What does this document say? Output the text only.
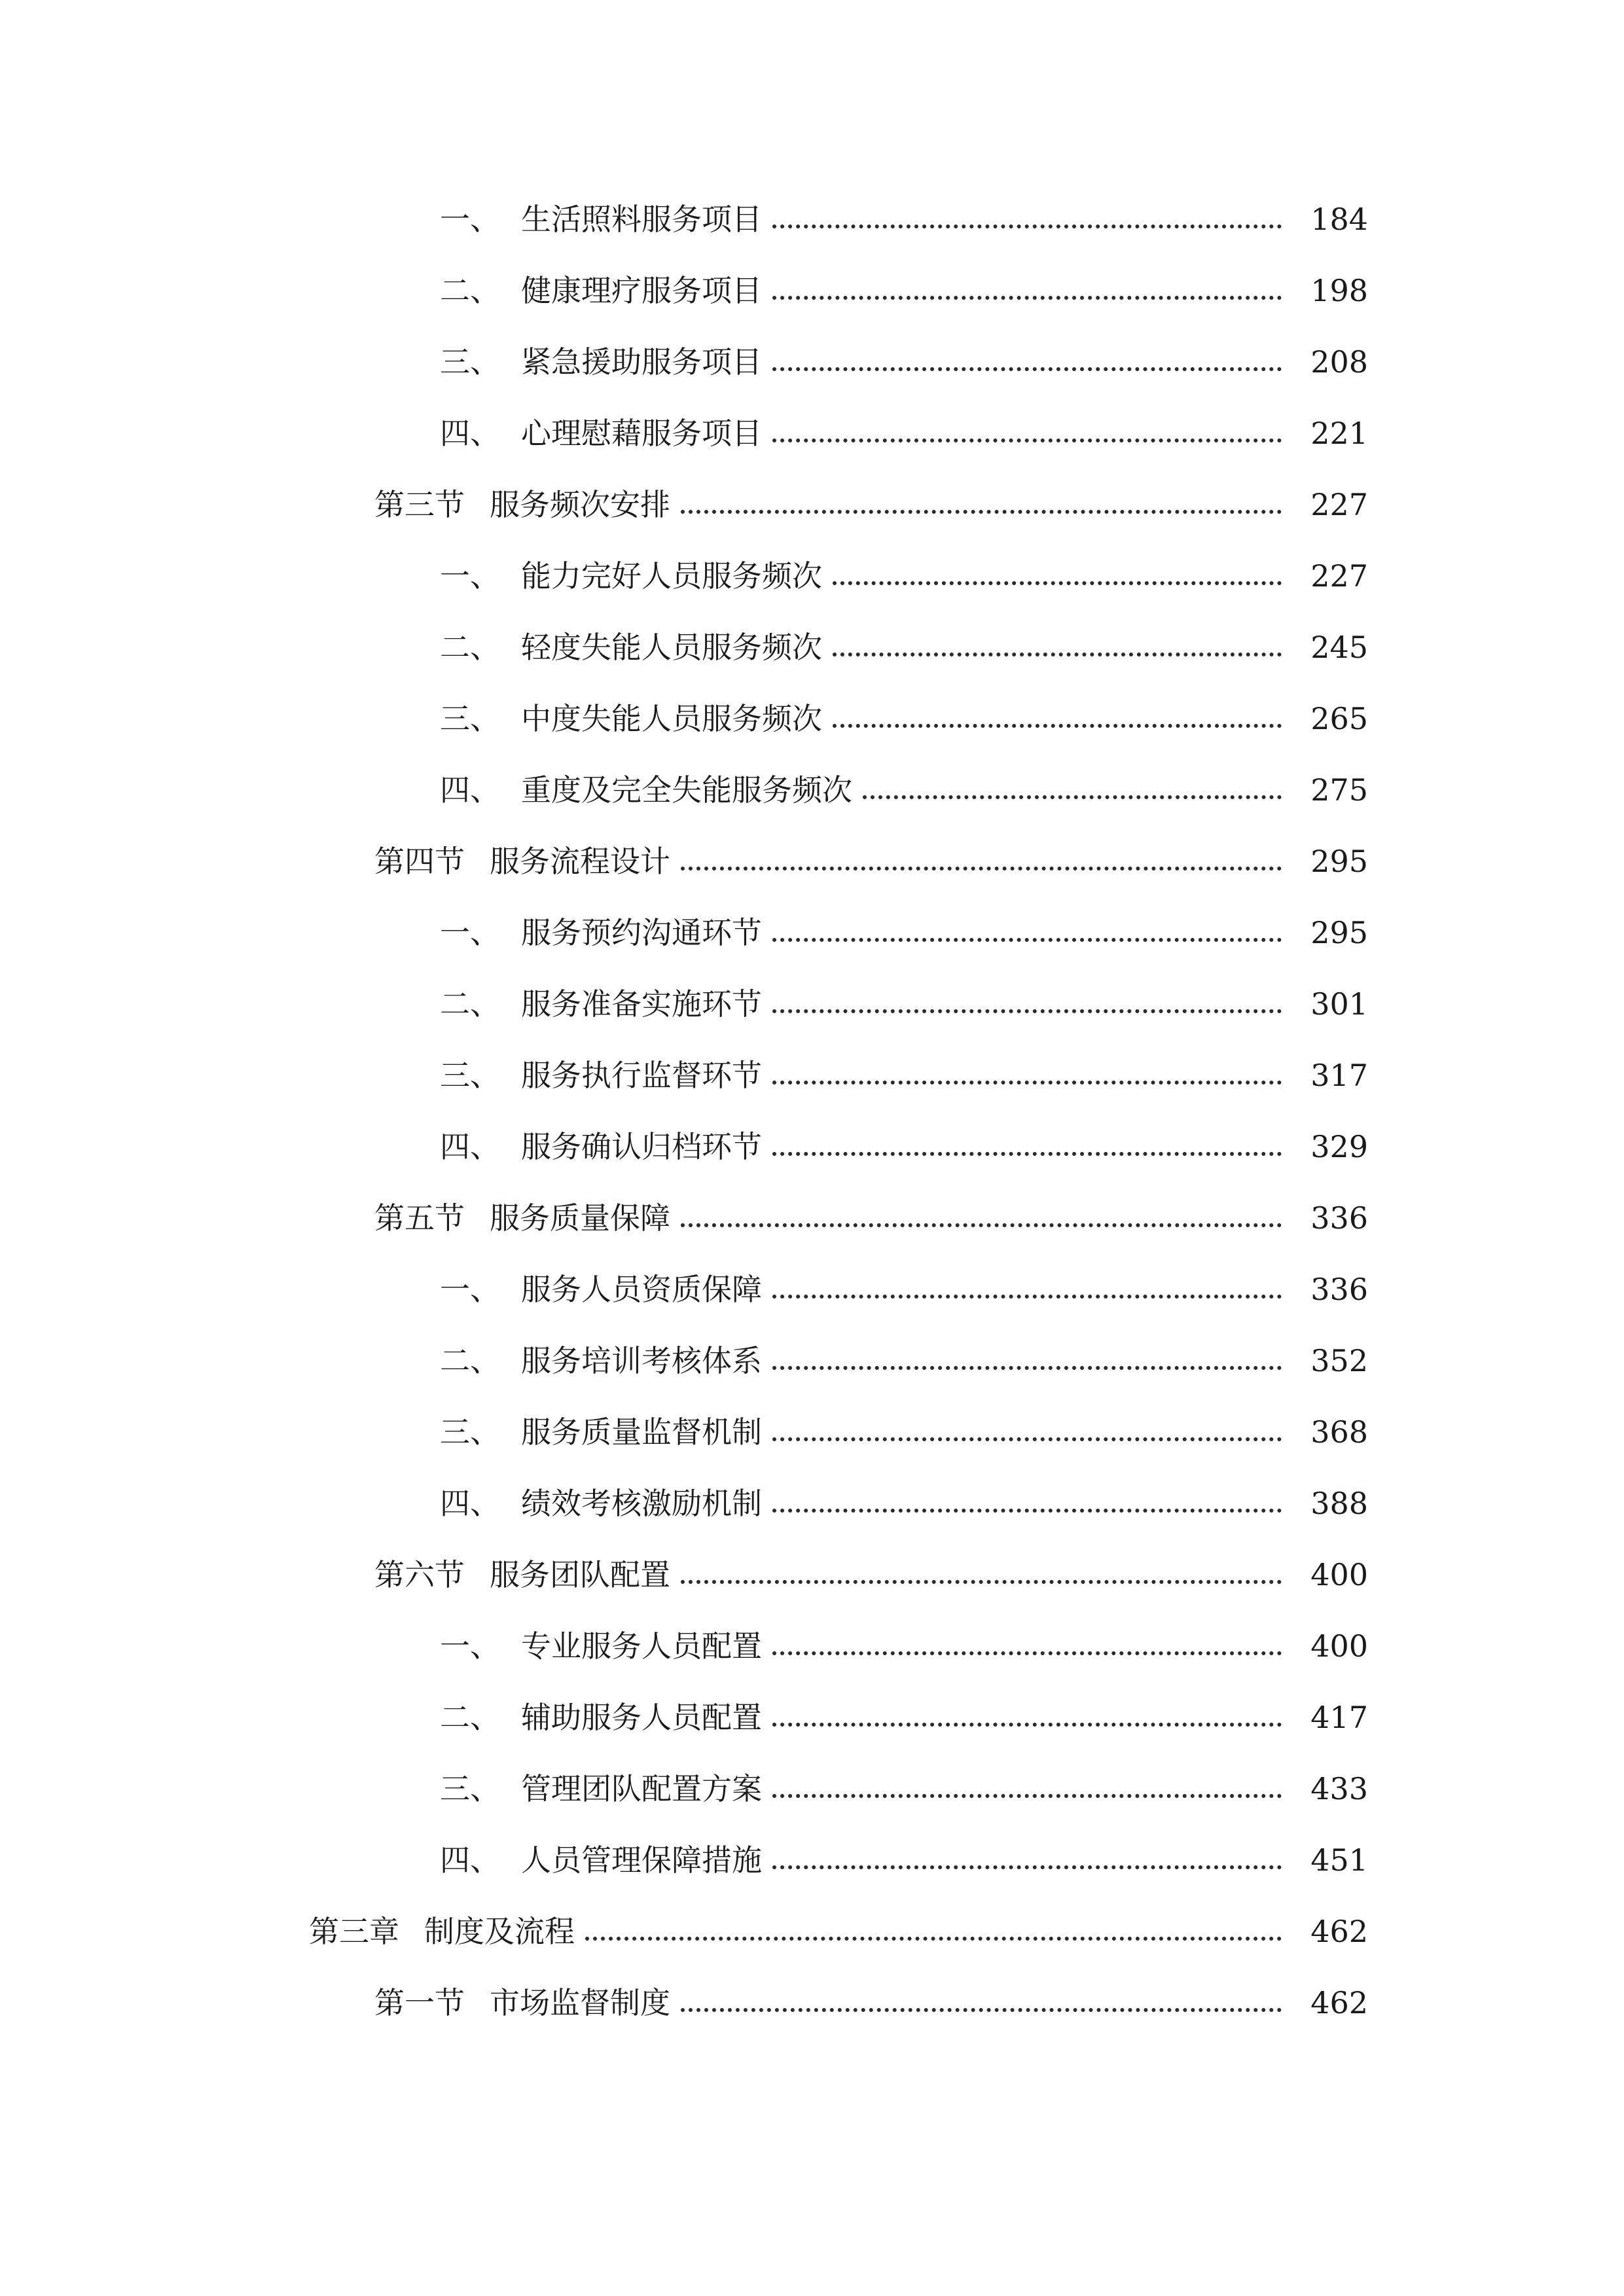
一、 生活照料服务项目	184
二、 健康理疗服务项目	198
三、 紧急援助服务项目	208
四、 心理慰藉服务项目	221
第三节 服务频次安排	227
一、 能力完好人员服务频次	227
二、 轻度失能人员服务频次	245
三、 中度失能人员服务频次	265
四、 重度及完全失能服务频次	275
第四节 服务流程设计	295
一、 服务预约沟通环节	295
二、 服务准备实施环节	301
三、 服务执行监督环节	317
四、 服务确认归档环节	329
第五节 服务质量保障	336
一、 服务人员资质保障	336
二、 服务培训考核体系	352
三、 服务质量监督机制	368
四、 绩效考核激励机制	388
第六节 服务团队配置	400
一、 专业服务人员配置	400
二、 辅助服务人员配置	417
三、 管理团队配置方案	433
四、 人员管理保障措施	451
第三章 制度及流程	462
第一节 市场监督制度	462
